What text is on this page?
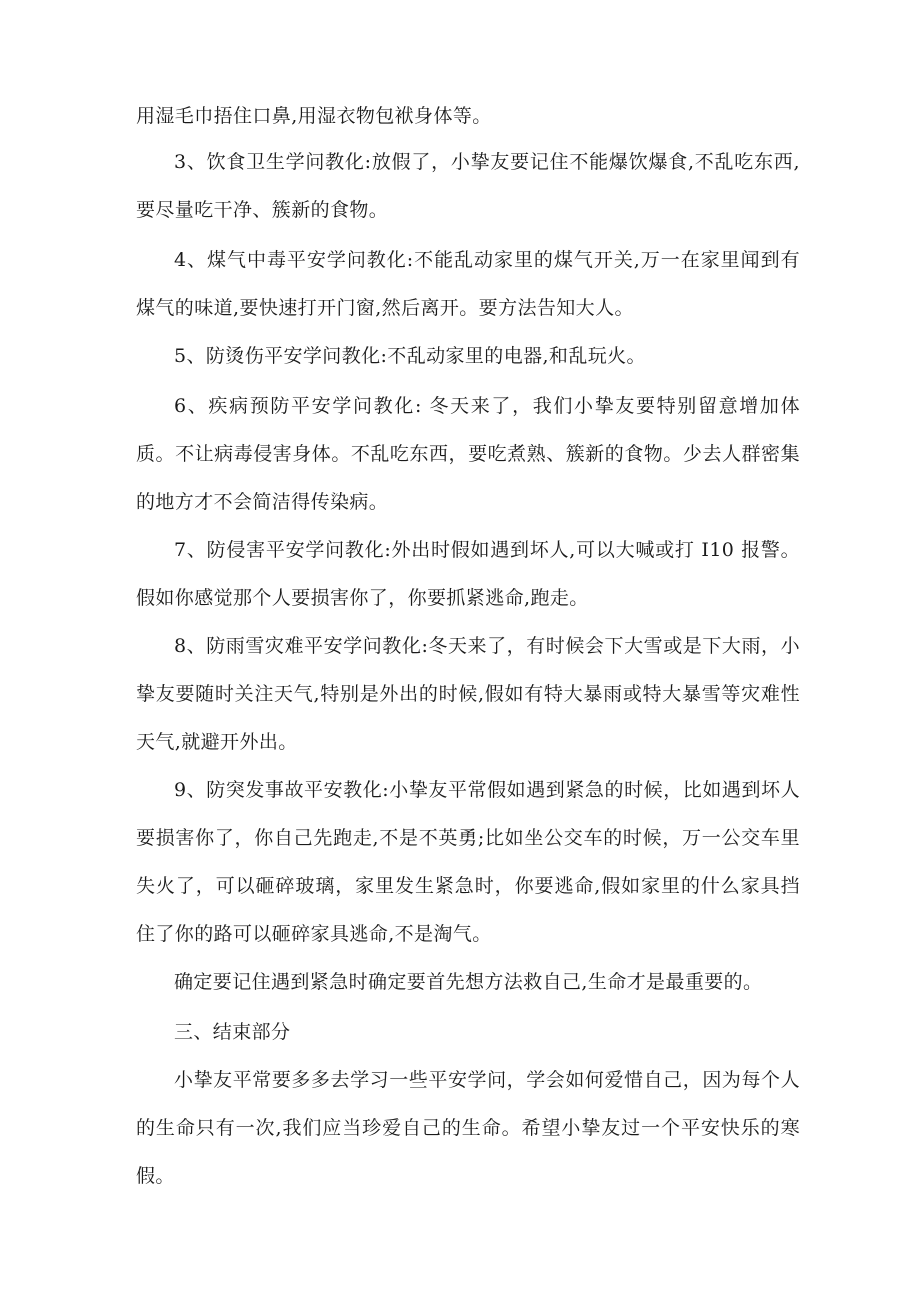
用湿毛巾捂住口鼻,用湿衣物包袱身体等。

3、饮食卫生学问教化:放假了，小挚友要记住不能爆饮爆食,不乱吃东西,要尽量吃干净、簇新的食物。

4、煤气中毒平安学问教化:不能乱动家里的煤气开关,万一在家里闻到有煤气的味道,要快速打开门窗,然后离开。要方法告知大人。

5、防烫伤平安学问教化:不乱动家里的电器,和乱玩火。

6、疾病预防平安学问教化: 冬天来了，我们小挚友要特别留意增加体质。不让病毒侵害身体。不乱吃东西，要吃煮熟、簇新的食物。少去人群密集的地方才不会简洁得传染病。

7、防侵害平安学问教化:外出时假如遇到坏人,可以大喊或打 I10 报警。假如你感觉那个人要损害你了，你要抓紧逃命,跑走。

8、防雨雪灾难平安学问教化:冬天来了，有时候会下大雪或是下大雨，小挚友要随时关注天气,特别是外出的时候,假如有特大暴雨或特大暴雪等灾难性天气,就避开外出。

9、防突发事故平安教化:小挚友平常假如遇到紧急的时候，比如遇到坏人要损害你了，你自己先跑走,不是不英勇;比如坐公交车的时候，万一公交车里失火了，可以砸碎玻璃，家里发生紧急时，你要逃命,假如家里的什么家具挡住了你的路可以砸碎家具逃命,不是淘气。

确定要记住遇到紧急时确定要首先想方法救自己,生命才是最重要的。

三、结束部分

小挚友平常要多多去学习一些平安学问，学会如何爱惜自己，因为每个人的生命只有一次,我们应当珍爱自己的生命。希望小挚友过一个平安快乐的寒假。
